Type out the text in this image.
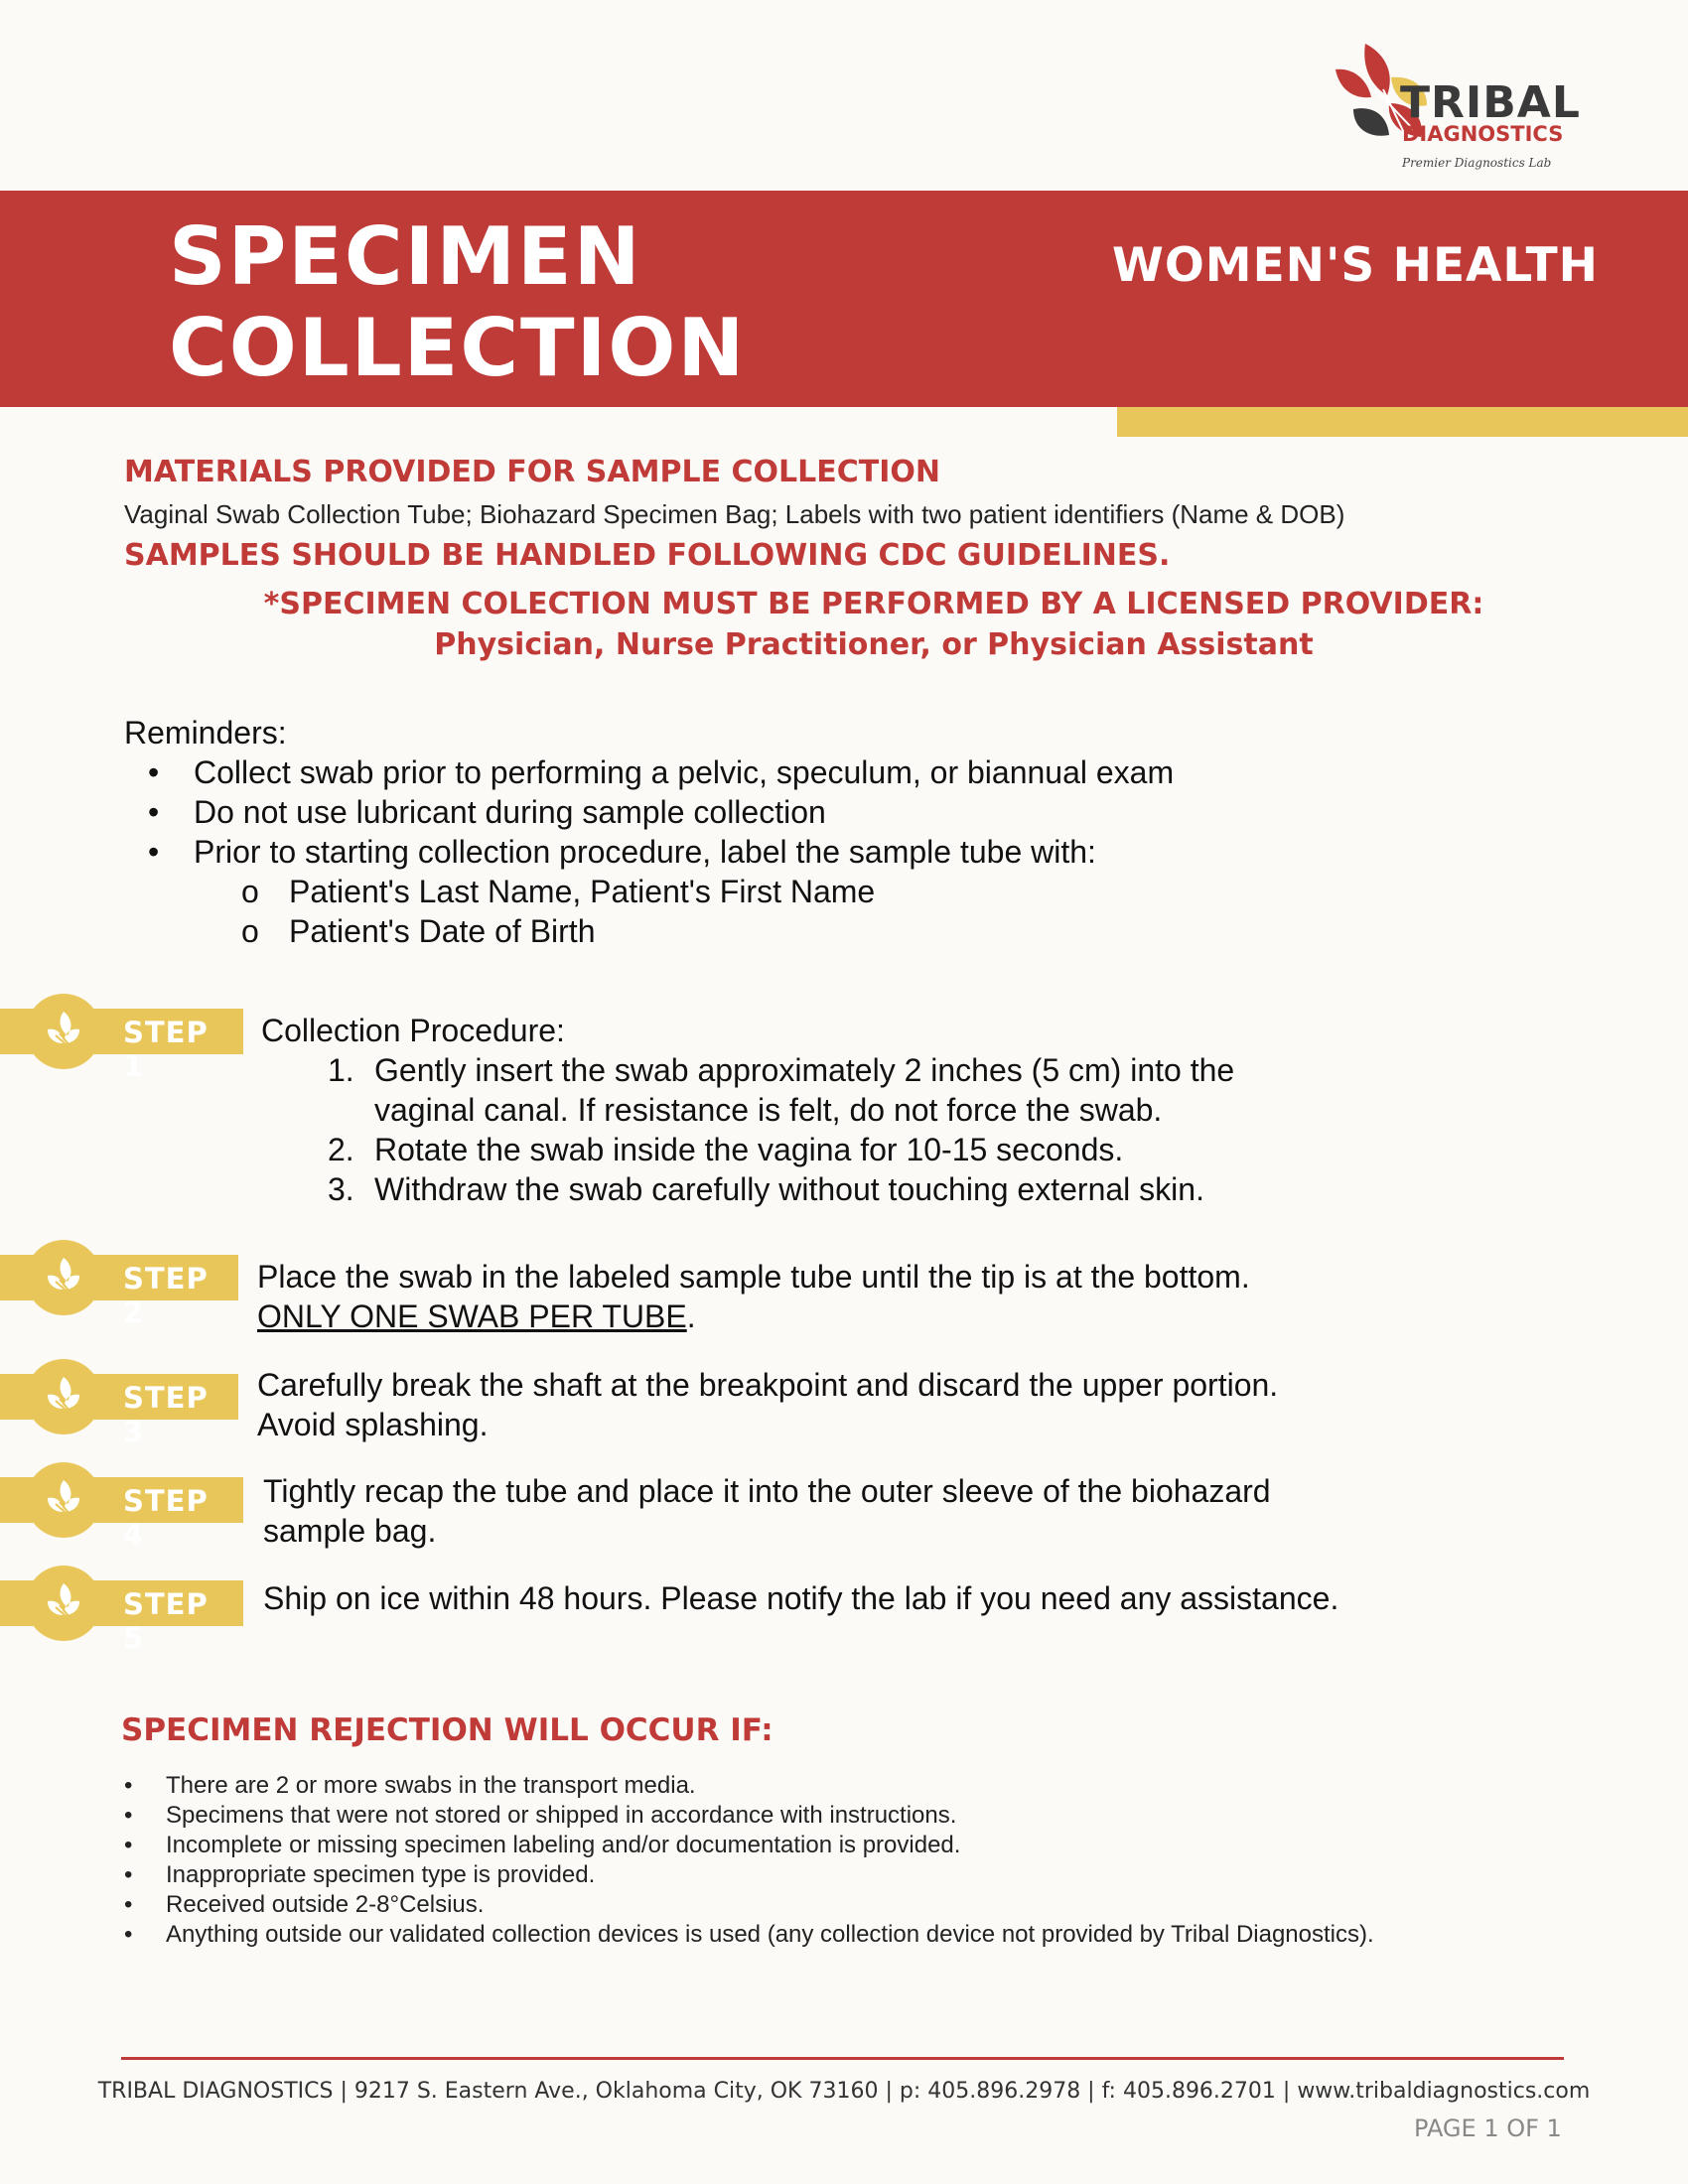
TRIBAL
DIAGNOSTICS
Premier Diagnostics Lab
SPECIMEN
COLLECTION
WOMEN'S HEALTH
MATERIALS PROVIDED FOR SAMPLE COLLECTION
Vaginal Swab Collection Tube; Biohazard Specimen Bag; Labels with two patient identifiers (Name & DOB)
SAMPLES SHOULD BE HANDLED FOLLOWING CDC GUIDELINES.
*SPECIMEN COLECTION MUST BE PERFORMED BY A LICENSED PROVIDER:
Physician, Nurse Practitioner, or Physician Assistant
Reminders:
• Collect swab prior to performing a pelvic, speculum, or biannual exam
• Do not use lubricant during sample collection
• Prior to starting collection procedure, label the sample tube with:
o Patient's Last Name, Patient's First Name
o Patient's Date of Birth
STEP 1
Collection Procedure:
1. Gently insert the swab approximately 2 inches (5 cm) into the
vaginal canal. If resistance is felt, do not force the swab.
2. Rotate the swab inside the vagina for 10-15 seconds.
3. Withdraw the swab carefully without touching external skin.
STEP 2
Place the swab in the labeled sample tube until the tip is at the bottom.
ONLY ONE SWAB PER TUBE.
STEP 3
Carefully break the shaft at the breakpoint and discard the upper portion.
Avoid splashing.
STEP 4
Tightly recap the tube and place it into the outer sleeve of the biohazard
sample bag.
STEP 5
Ship on ice within 48 hours. Please notify the lab if you need any assistance.
SPECIMEN REJECTION WILL OCCUR IF:
• There are 2 or more swabs in the transport media.
• Specimens that were not stored or shipped in accordance with instructions.
• Incomplete or missing specimen labeling and/or documentation is provided.
• Inappropriate specimen type is provided.
• Received outside 2-8°Celsius.
• Anything outside our validated collection devices is used (any collection device not provided by Tribal Diagnostics).
TRIBAL DIAGNOSTICS | 9217 S. Eastern Ave., Oklahoma City, OK 73160 | p: 405.896.2978 | f: 405.896.2701 | www.tribaldiagnostics.com
PAGE 1 OF 1
